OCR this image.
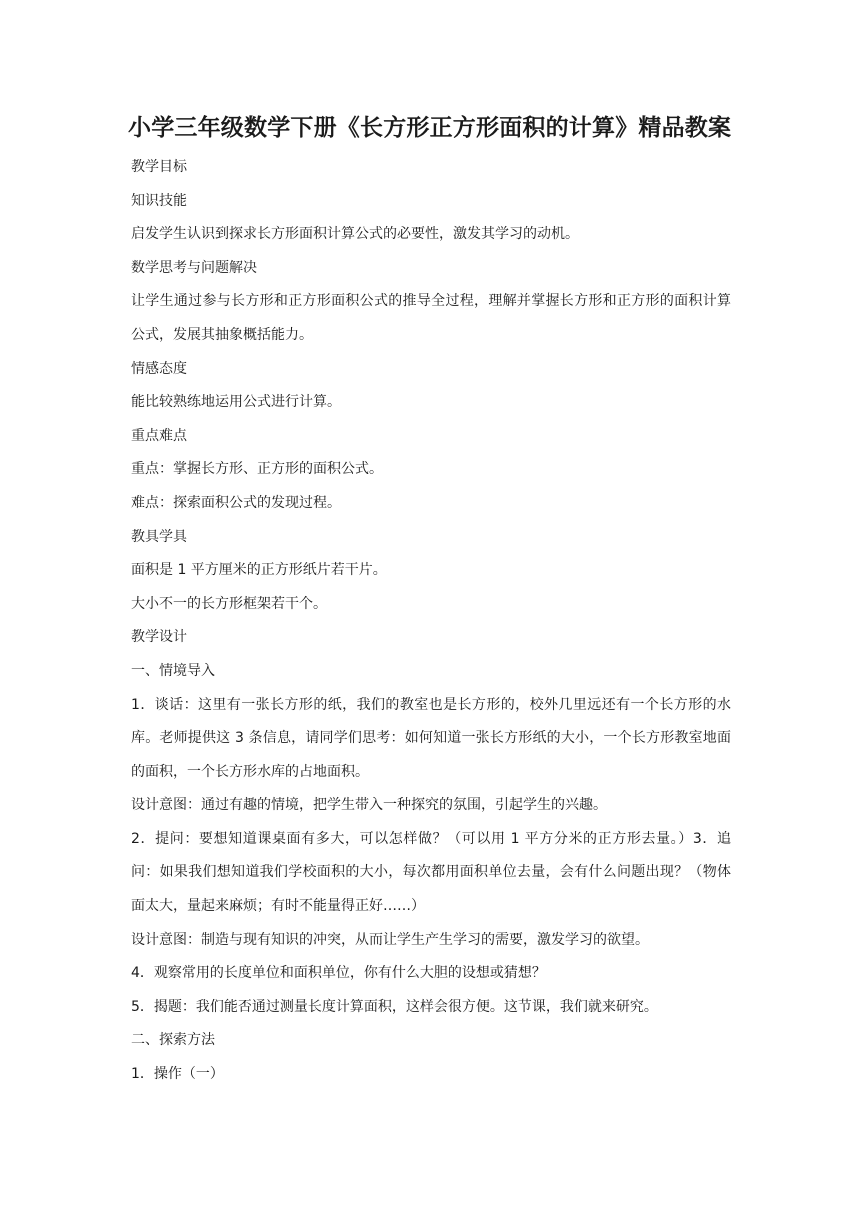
小学三年级数学下册《长方形正方形面积的计算》精品教案

教学目标

知识技能

启发学生认识到探求长方形面积计算公式的必要性，激发其学习的动机。

数学思考与问题解决

让学生通过参与长方形和正方形面积公式的推导全过程，理解并掌握长方形和正方形的面积计算公式，发展其抽象概括能力。

情感态度

能比较熟练地运用公式进行计算。

重点难点

重点：掌握长方形、正方形的面积公式。

难点：探索面积公式的发现过程。

教具学具

面积是 1 平方厘米的正方形纸片若干片。

大小不一的长方形框架若干个。

教学设计

一、情境导入

1．谈话：这里有一张长方形的纸，我们的教室也是长方形的，校外几里远还有一个长方形的水库。老师提供这 3 条信息，请同学们思考：如何知道一张长方形纸的大小，一个长方形教室地面的面积，一个长方形水库的占地面积。

设计意图：通过有趣的情境，把学生带入一种探究的氛围，引起学生的兴趣。

2．提问：要想知道课桌面有多大，可以怎样做？（可以用 1 平方分米的正方形去量。）3．追问：如果我们想知道我们学校面积的大小，每次都用面积单位去量，会有什么问题出现？（物体面太大，量起来麻烦；有时不能量得正好……）

设计意图：制造与现有知识的冲突，从而让学生产生学习的需要，激发学习的欲望。

4．观察常用的长度单位和面积单位，你有什么大胆的设想或猜想？

5．揭题：我们能否通过测量长度计算面积，这样会很方便。这节课，我们就来研究。

二、探索方法

1．操作（一）
